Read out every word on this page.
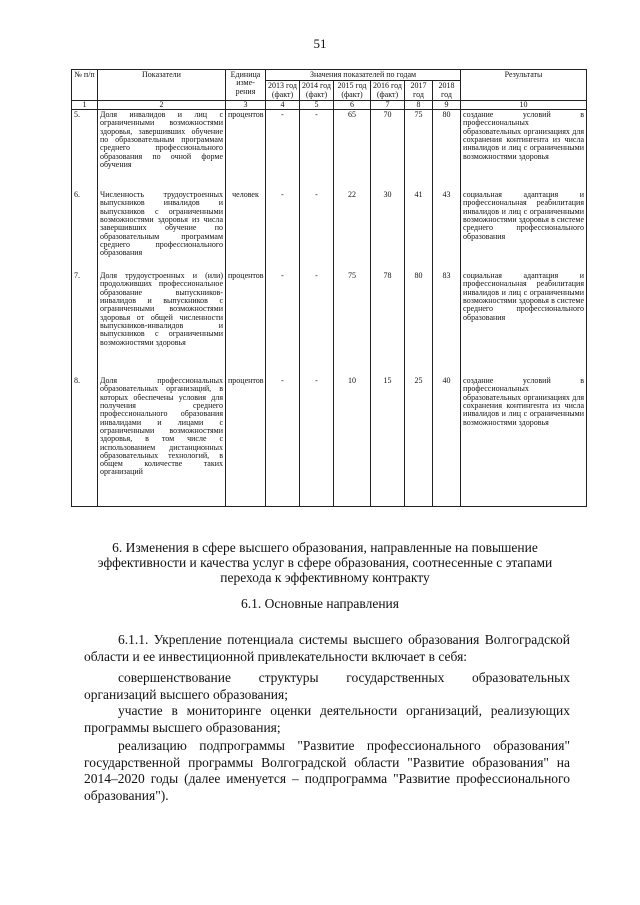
51
№ п/п	Показатели	Единица изме-рения	Значения показателей по годам						Результаты
			2013 год (факт)	2014 год (факт)	2015 год (факт)	2016 год (факт)	2017 год	2018 год	
1	2	3	4	5	6	7	8	9	10
5.	Доля инвалидов и лиц с ограниченными возможностями здоровья, завершивших обучение по образовательным программам среднего профессионального образования по очной форме обучения	процентов	-	-	65	70	75	80	создание условий в профессиональных образовательных организациях для сохранения контингента из числа инвалидов и лиц с ограниченными возможностями здоровья
6.	Численность трудоустроенных выпускников инвалидов и выпускников с ограниченными возможностями здоровья из числа завершивших обучение по образовательным программам среднего профессионального образования	человек	-	-	22	30	41	43	социальная адаптация и профессиональная реабилитация инвалидов и лиц с ограниченными возможностями здоровья в системе среднего профессионального образования
7.	Доля трудоустроенных и (или) продолживших профессиональное образование выпускников-инвалидов и выпускников с ограниченными возможностями здоровья от общей численности выпускников-инвалидов и выпускников с ограниченными возможностями здоровья	процентов	-	-	75	78	80	83	социальная адаптация и профессиональная реабилитация инвалидов и лиц с ограниченными возможностями здоровья в системе среднего профессионального образования
8.	Доля профессиональных образовательных организаций, в которых обеспечены условия для получения среднего профессионального образования инвалидами и лицами с ограниченными возможностями здоровья, в том числе с использованием дистанционных образовательных технологий, в общем количестве таких организаций	процентов	-	-	10	15	25	40	создание условий в профессиональных образовательных организациях для сохранения контингента из числа инвалидов и лиц с ограниченными возможностями здоровья
6. Изменения в сфере высшего образования, направленные на повышение эффективности и качества услуг в сфере образования, соотнесенные с этапами перехода к эффективному контракту
6.1. Основные направления

6.1.1. Укрепление потенциала системы высшего образования Волгоградской области и ее инвестиционной привлекательности включает в себя:

совершенствование структуры государственных образовательных организаций высшего образования;

участие в мониторинге оценки деятельности организаций, реализующих программы высшего образования;

реализацию подпрограммы "Развитие профессионального образования" государственной программы Волгоградской области "Развитие образования" на 2014–2020 годы (далее именуется – подпрограмма "Развитие профессионального образования").
